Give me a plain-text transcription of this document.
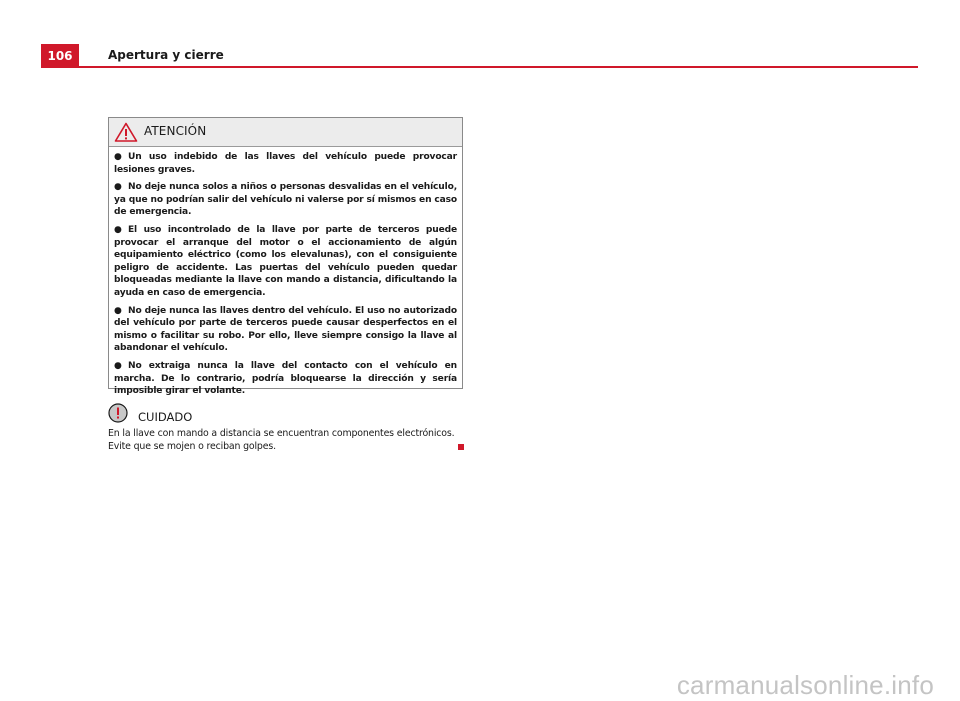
106	Apertura y cierre
ATENCIÓN

● Un uso indebido de las llaves del vehículo puede provocar lesiones graves.

● No deje nunca solos a niños o personas desvalidas en el vehículo, ya que no podrían salir del vehículo ni valerse por sí mismos en caso de emergencia.

● El uso incontrolado de la llave por parte de terceros puede provocar el arranque del motor o el accionamiento de algún equipamiento eléctrico (como los elevalunas), con el consiguiente peligro de accidente. Las puertas del vehículo pueden quedar bloqueadas mediante la llave con mando a distancia, dificultando la ayuda en caso de emergencia.

● No deje nunca las llaves dentro del vehículo. El uso no autorizado del vehículo por parte de terceros puede causar desperfectos en el mismo o facilitar su robo. Por ello, lleve siempre consigo la llave al abandonar el vehículo.

● No extraiga nunca la llave del contacto con el vehículo en marcha. De lo contrario, podría bloquearse la dirección y sería imposible girar el volante.

CUIDADO
En la llave con mando a distancia se encuentran componentes electrónicos. Evite que se mojen o reciban golpes.
carmanualsonline.info
